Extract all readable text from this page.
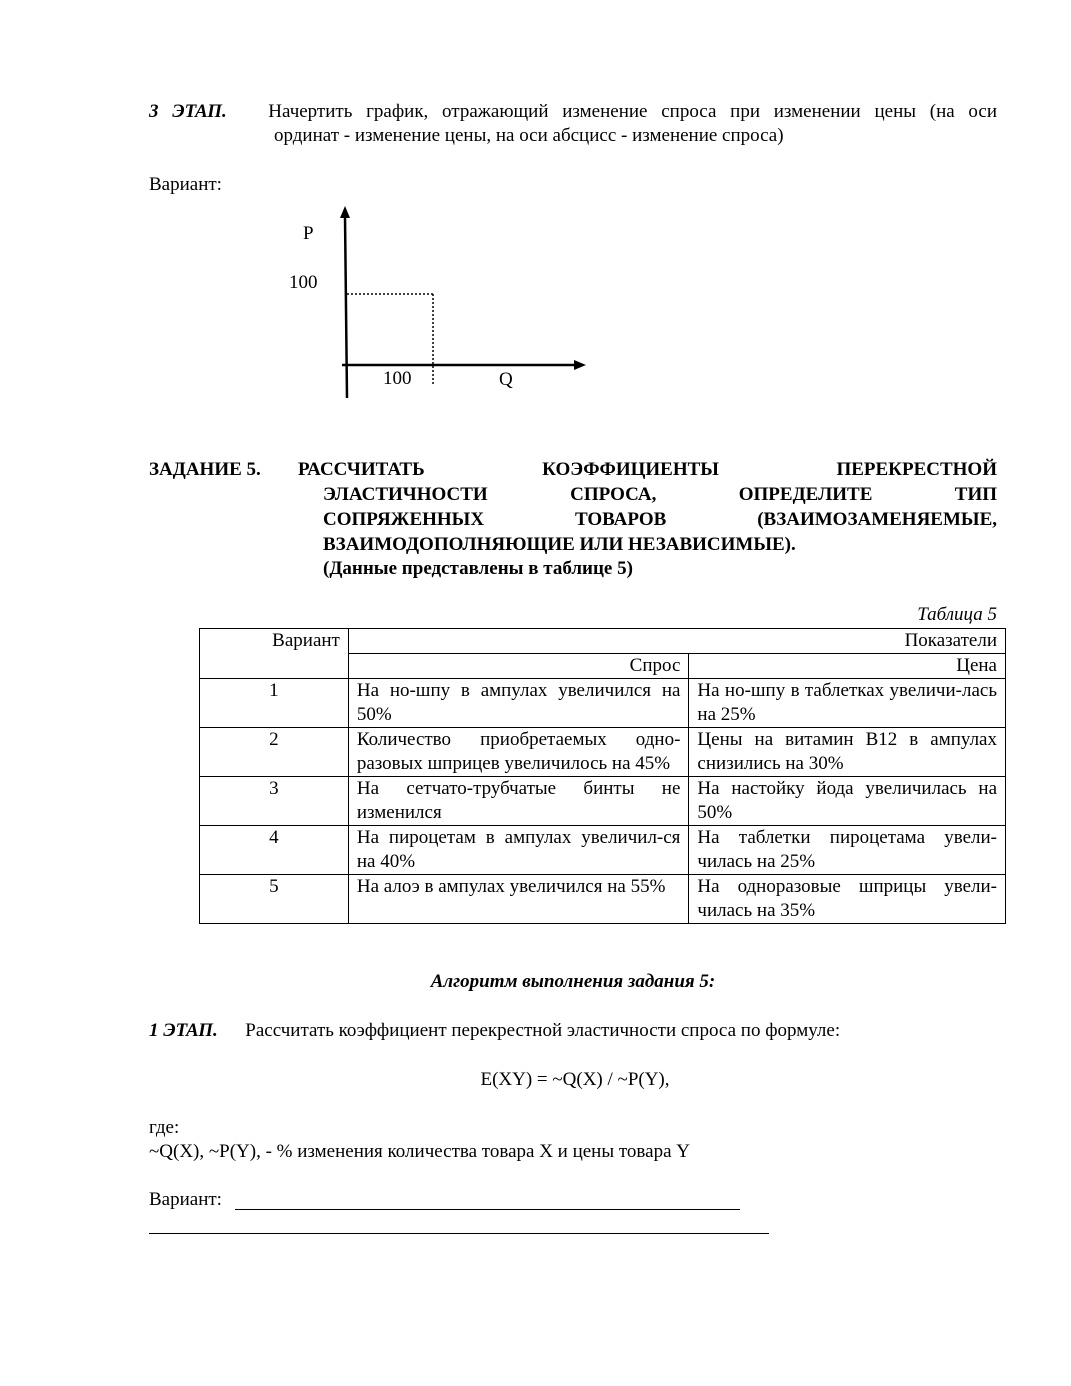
3 ЭТАП. Начертить график, отражающий изменение спроса при изменении цены (на оси
ординат - изменение цены, на оси абсцисс - изменение спроса)
Вариант:
P
100
100	Q
ЗАДАНИЕ 5. РАССЧИТАТЬ	КОЭФФИЦИЕНТЫ	ПЕРЕКРЕСТНОЙ
ЭЛАСТИЧНОСТИ СПРОСА, ОПРЕДЕЛИТЕ ТИП
СОПРЯЖЕННЫХ ТОВАРОВ (ВЗАИМОЗАМЕНЯЕМЫЕ,
ВЗАИМОДОПОЛНЯЮЩИЕ ИЛИ НЕЗАВИСИМЫЕ).
(Данные представлены в таблице 5)
Таблица 5
Вариант	Показатели	
	Спрос	Цена
1	На но-шпу в ампулах увеличился на 50%	На но-шпу в таблетках увеличи-лась на 25%
2	Количество приобретаемых одно-разовых шприцев увеличилось на 45%	Цены на витамин В12 в ампулах снизились на 30%
3	На сетчато-трубчатые бинты не изменился	На настойку йода увеличилась на 50%
4	На пироцетам в ампулах увеличил-ся на 40%	На таблетки пироцетама увели-чилась на 25%
5	На алоэ в ампулах увеличился на 55%	На одноразовые шприцы увели-чилась на 35%
Алгоритм выполнения задания 5:
1 ЭТАП. Рассчитать коэффициент перекрестной эластичности спроса по формуле:
E(XY) = ~Q(X) / ~P(Y),
где:
~Q(X), ~P(Y), - % изменения количества товара X и цены товара Y
Вариант:
